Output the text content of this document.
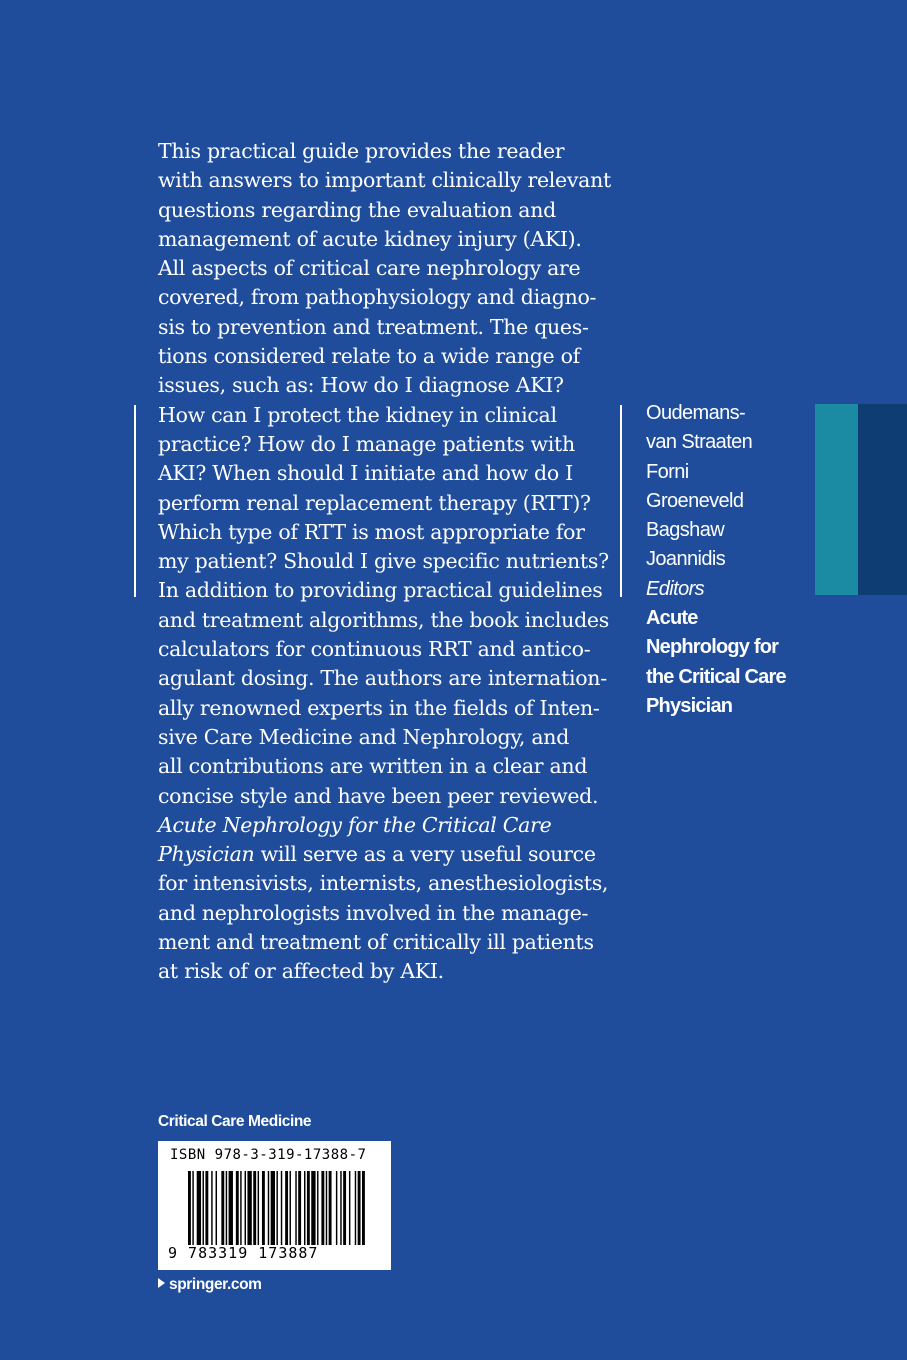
This practical guide provides the reader
with answers to important clinically relevant
questions regarding the evaluation and
management of acute kidney injury (AKI).
All aspects of critical care nephrology are
covered, from pathophysiology and diagno-
sis to prevention and treatment. The ques-
tions considered relate to a wide range of
issues, such as: How do I diagnose AKI?
How can I protect the kidney in clinical
practice? How do I manage patients with
AKI? When should I initiate and how do I
perform renal replacement therapy (RTT)?
Which type of RTT is most appropriate for
my patient? Should I give specific nutrients?
In addition to providing practical guidelines
and treatment algorithms, the book includes
calculators for continuous RRT and antico-
agulant dosing. The authors are internation-
ally renowned experts in the fields of Inten-
sive Care Medicine and Nephrology, and
all contributions are written in a clear and
concise style and have been peer reviewed.
Acute Nephrology for the Critical Care
Physician will serve as a very useful source
for intensivists, internists, anesthesiologists,
and nephrologists involved in the manage-
ment and treatment of critically ill patients
at risk of or affected by AKI.
Oudemans-
van Straaten
Forni
Groeneveld
Bagshaw
Joannidis
Editors
Acute
Nephrology for
the Critical Care
Physician
Critical Care Medicine
ISBN 978-3-319-17388-7
9 783319 173887
springer.com
